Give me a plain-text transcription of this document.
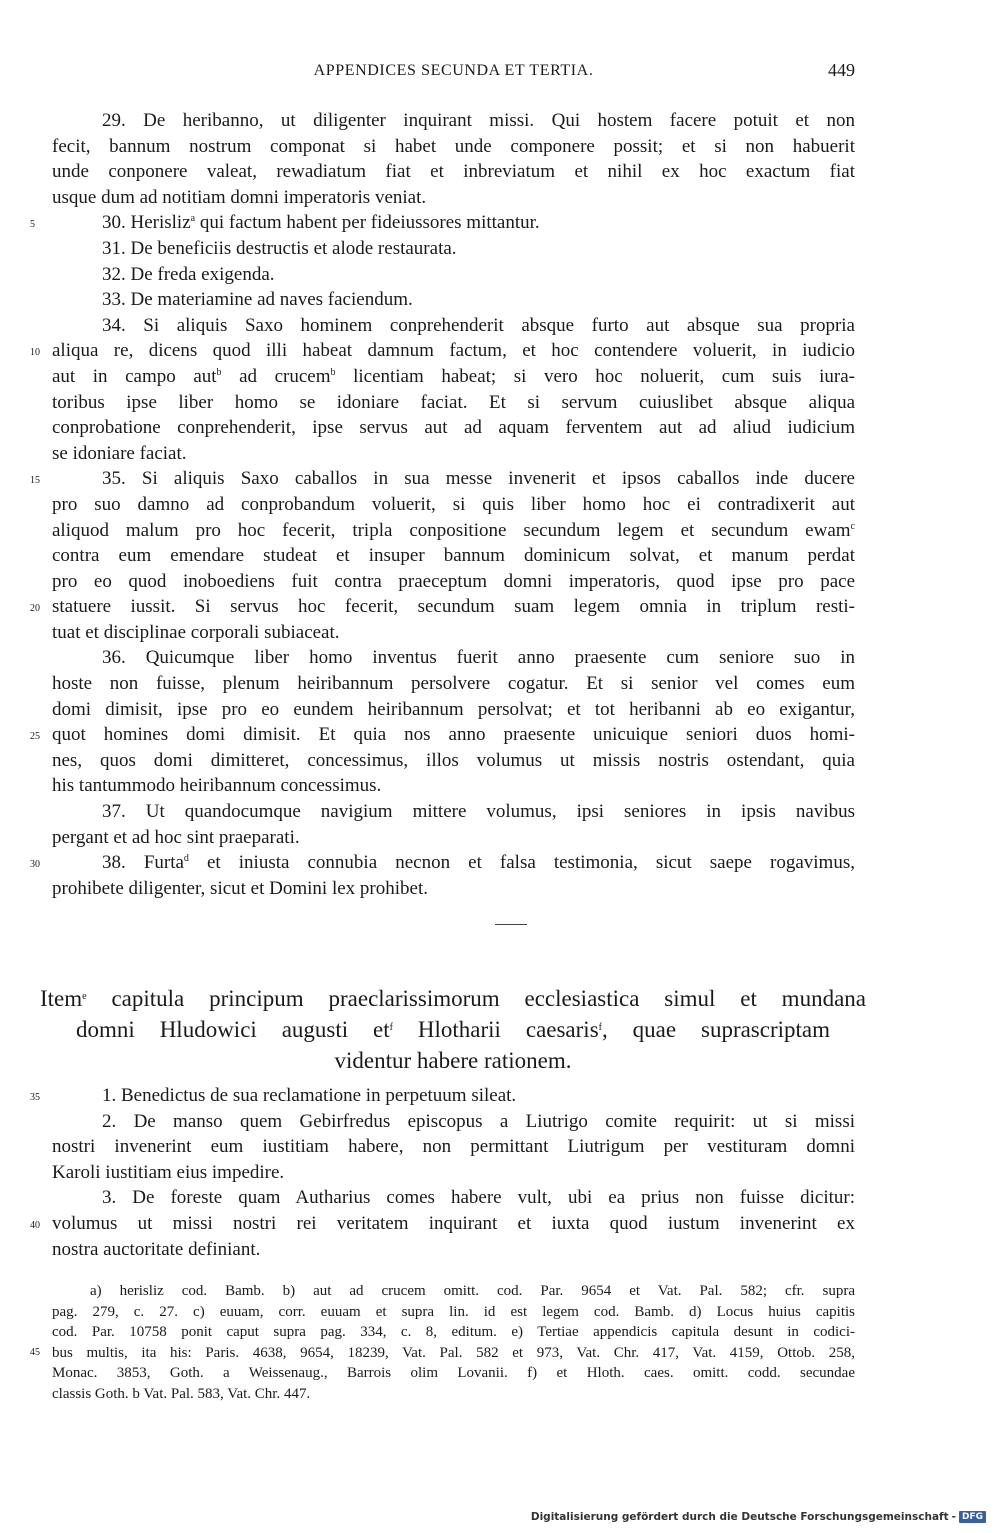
APPENDICES SECUNDA ET TERTIA.	449
29. De heribanno, ut diligenter inquirant missi. Qui hostem facere potuit et non
fecit, bannum nostrum componat si habet unde componere possit; et si non habuerit
unde conponere valeat, rewadiatum fiat et inbreviatum et nihil ex hoc exactum fiat
usque dum ad notitiam domni imperatoris veniat.
5	30. Herisliz$^a$ qui factum habent per fideiussores mittantur.
31. De beneficiis destructis et alode restaurata.
32. De freda exigenda.
33. De materiamine ad naves faciendum.
34. Si aliquis Saxo hominem conprehenderit absque furto aut absque sua propria
10 aliqua re, dicens quod illi habeat damnum factum, et hoc contendere voluerit, in iudicio
aut in campo aut$^b$ ad crucem$^b$ licentiam habeat; si vero hoc noluerit, cum suis iura-
toribus ipse liber homo se idoniare faciat. Et si servum cuiuslibet absque aliqua
conprobatione conprehenderit, ipse servus aut ad aquam ferventem aut ad aliud iudicium
se idoniare faciat.
15	35. Si aliquis Saxo caballos in sua messe invenerit et ipsos caballos inde ducere
pro suo damno ad conprobandum voluerit, si quis liber homo hoc ei contradixerit aut
aliquod malum pro hoc fecerit, tripla conpositione secundum legem et secundum ewam$^c$
contra eum emendare studeat et insuper bannum dominicum solvat, et manum perdat
pro eo quod inoboediens fuit contra praeceptum domni imperatoris, quod ipse pro pace
20 statuere iussit. Si servus hoc fecerit, secundum suam legem omnia in triplum resti-
tuat et disciplinae corporali subiaceat.
36. Quicumque liber homo inventus fuerit anno praesente cum seniore suo in
hoste non fuisse, plenum heiribannum persolvere cogatur. Et si senior vel comes eum
domi dimisit, ipse pro eo eundem heiribannum persolvat; et tot heribanni ab eo exigantur,
25 quot homines domi dimisit. Et quia nos anno praesente unicuique seniori duos homi-
nes, quos domi dimitteret, concessimus, illos volumus ut missis nostris ostendant, quia
his tantummodo heiribannum concessimus.
37. Ut quandocumque navigium mittere volumus, ipsi seniores in ipsis navibus
pergant et ad hoc sint praeparati.
30	38. Furta$^d$ et iniusta connubia necnon et falsa testimonia, sicut saepe rogavimus,
prohibete diligenter, sicut et Domini lex prohibet.
Item$^e$ capitula principum praeclarissimorum ecclesiastica simul et mundana
domni Hludowici augusti $et^f$ Hlotharii caesaris$^f$, quae suprascriptam
videntur habere rationem.
35	1. Benedictus de sua reclamatione in perpetuum sileat.
2. De manso quem Gebirfredus episcopus a Liutrigo comite requirit: ut si missi
nostri invenerint eum iustitiam habere, non permittant Liutrigum per vestituram domni
Karoli iustitiam eius impedire.
3. De foreste quam Autharius comes habere vult, ubi ea prius non fuisse dicitur:
40 volumus ut missi nostri rei veritatem inquirant et iuxta quod iustum invenerint ex
nostra auctoritate definiant.
a) herisliz cod. Bamb. b) aut ad crucem omitt. cod. Par. 9654 et Vat. Pal. 582; cfr. supra
pag. 279, c. 27. c) euuam, corr. euuam et supra lin. id est legem cod. Bamb. d) Locus huius capitis
cod. Par. 10758 ponit caput supra pag. 334, c. 8, editum. e) Tertiae appendicis capitula desunt in codici-
45 bus multis, ita his: Paris. 4638, 9654, 18239, Vat. Pal. 582 et 973, Vat. Chr. 417, Vat. 4159, Ottob. 258,
Monac. 3853, Goth. a Weissenaug., Barrois olim Lovanii. f) et Hloth. caes. omitt. codd. secundae
classis Goth. b Vat. Pal. 583, Vat. Chr. 447.
Digitalisierung gefördert durch die Deutsche Forschungsgemeinschaft - DFG
